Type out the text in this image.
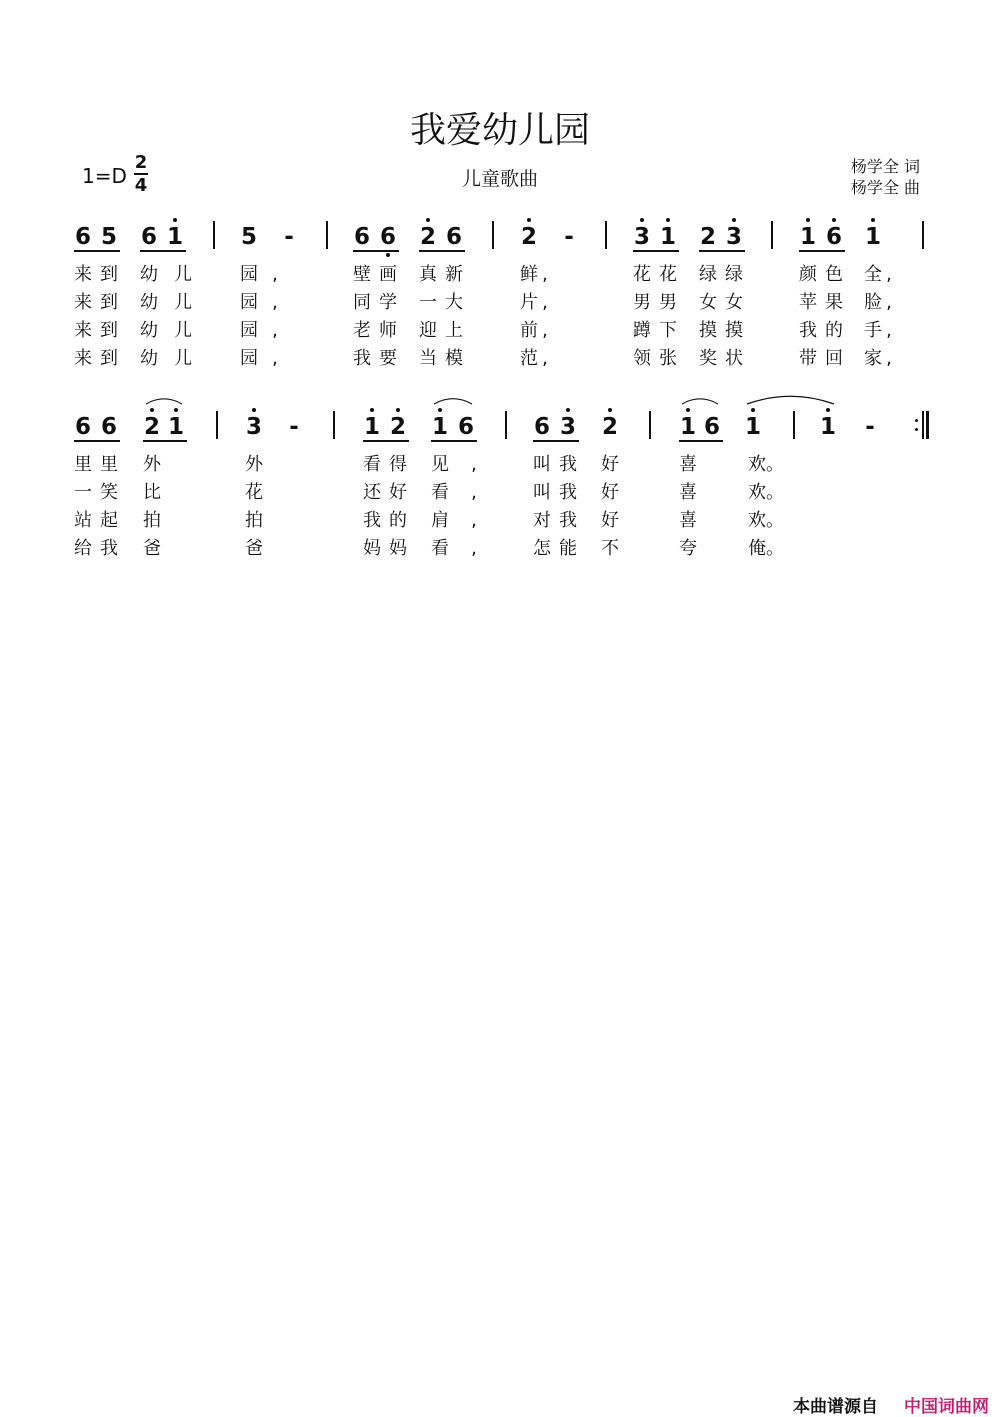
我爱幼儿园
1=D
2
4	儿童歌曲
杨学全 词
杨学全 曲
6 5 6 1	5 -	6 6 2 6	2 -	3 1 2 3	1 6 1
来 到 幼 儿	园 ,	壁 画 真 新	鲜 ,	花 花 绿 绿	颜 色 全 ,
来 到 幼 儿	园 ,	同 学 一 大	片 ,	男 男 女 女	苹 果 脸 ,
来 到 幼 儿	园 ,	老 师 迎 上	前 ,	蹲 下 摸 摸	我 的 手 ,
来 到 幼 儿	园 ,	我 要 当 模	范 ,	领 张 奖 状	带 回 家 ,
6 6 2 1	3 -	1 2 1 6	6 3 2	1 6 1	1 -
里 里 外	外	看 得 见	,	叫 我 好	喜	欢。
一 笑 比	花	还 好 看	,	叫 我 好	喜	欢。
站 起 拍	拍	我 的 肩	,	对 我 好	喜	欢。
给 我 爸	爸	妈 妈 看	,	怎 能 不	夸	俺。
本曲谱源自 中国词曲网
